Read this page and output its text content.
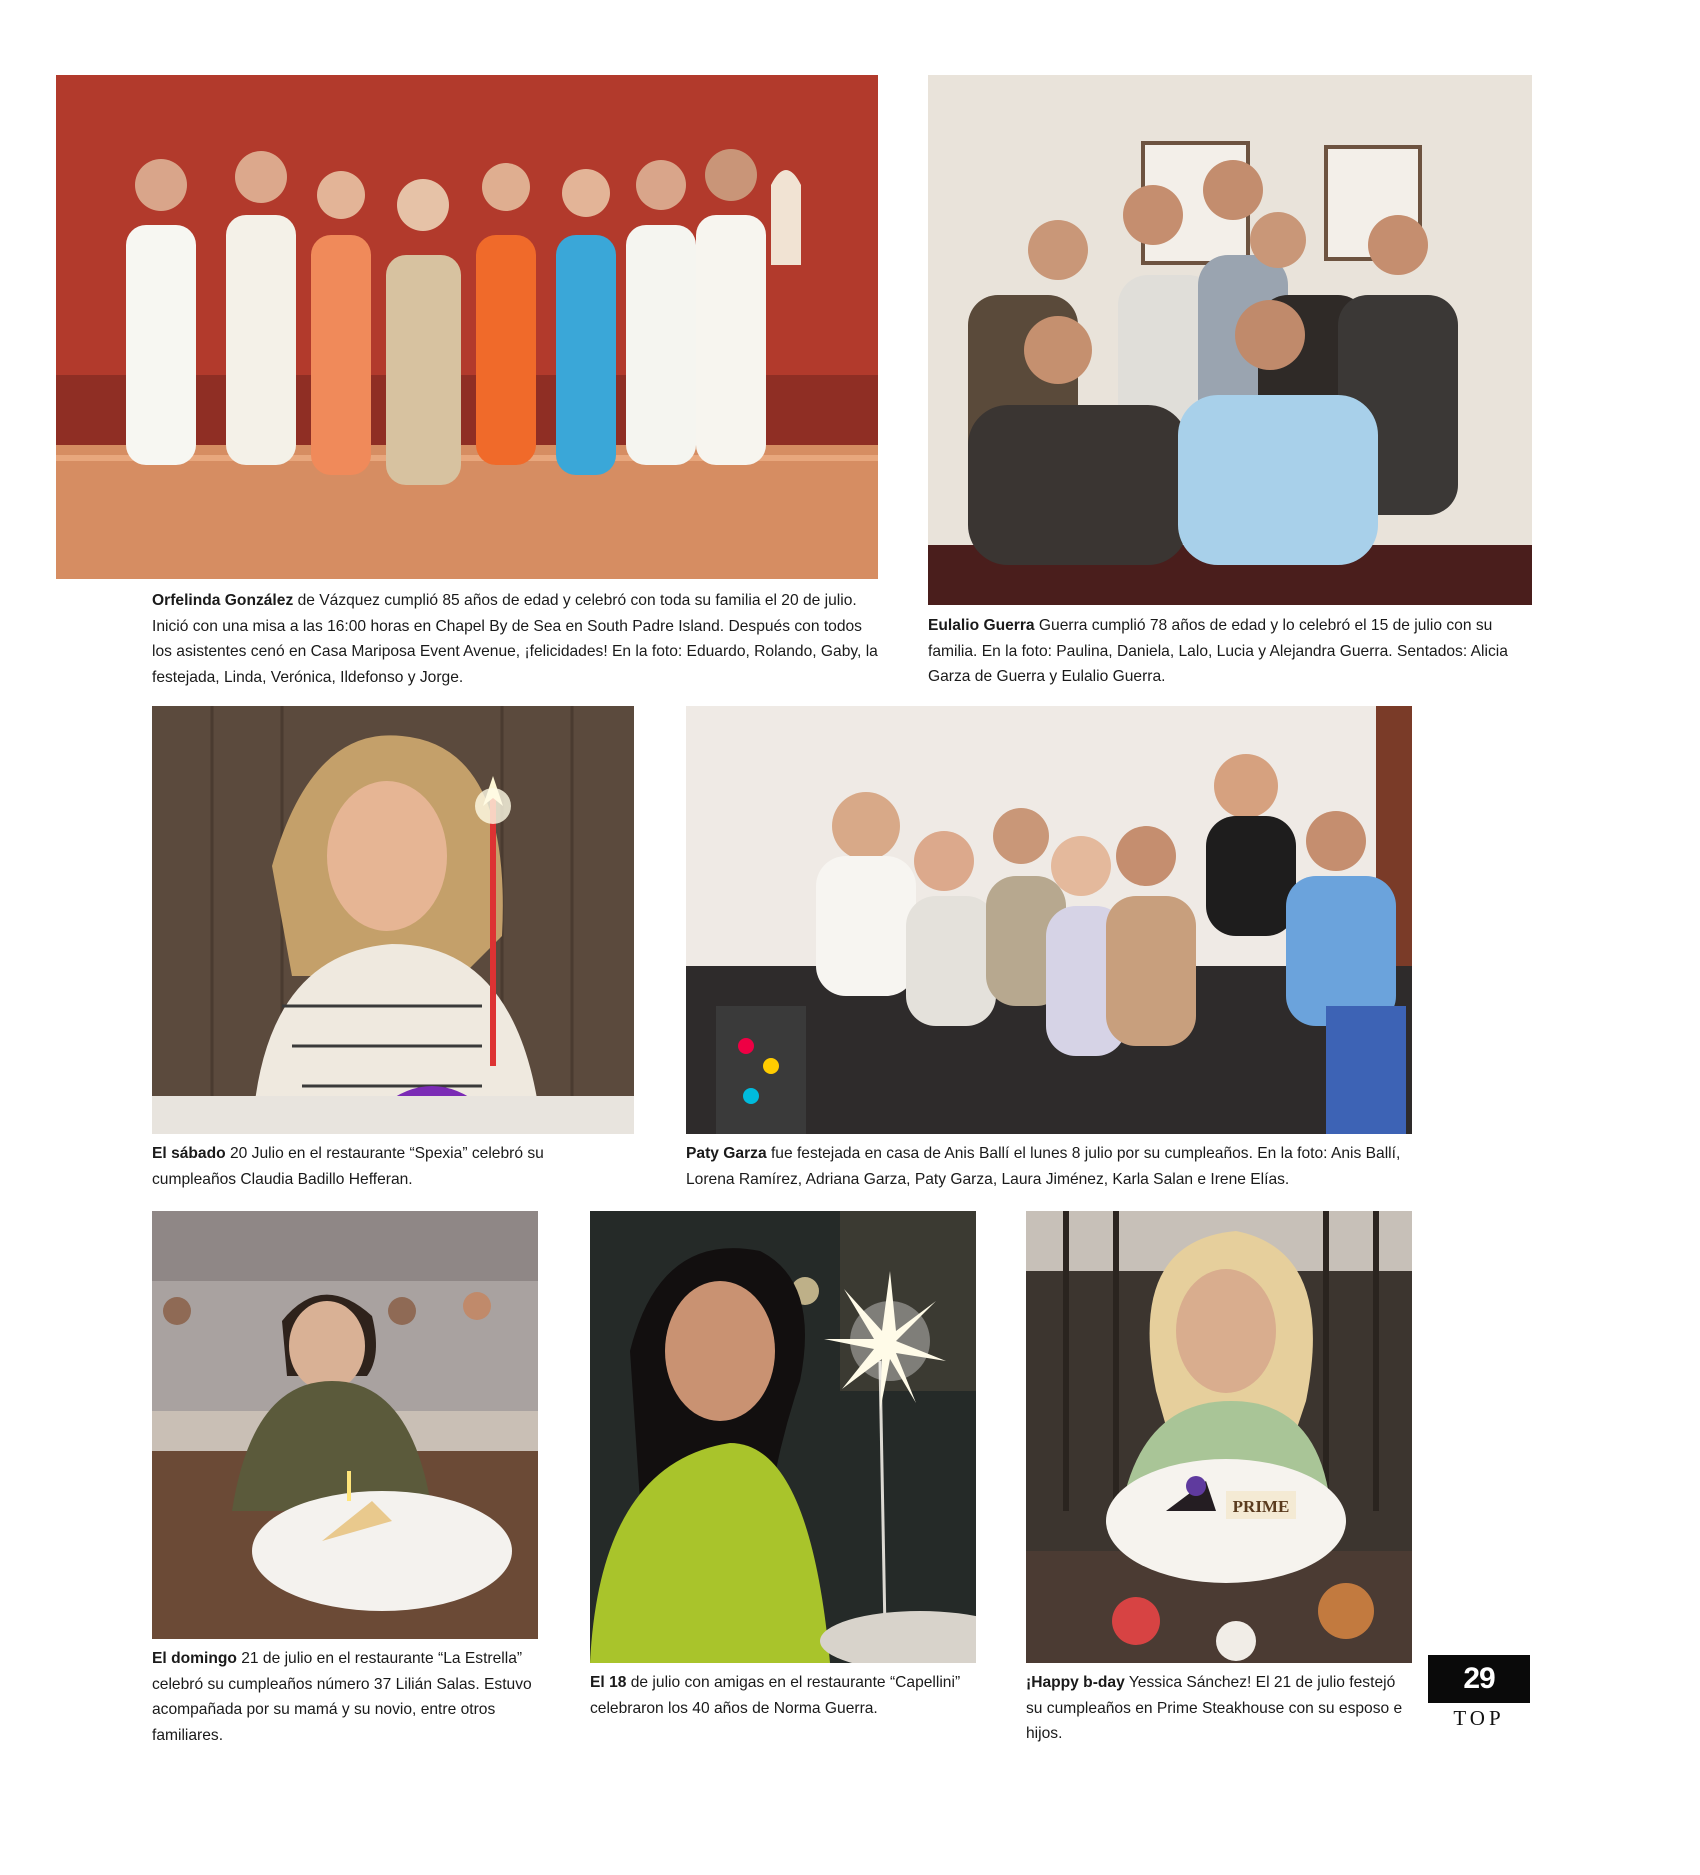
Orfelinda González de Vázquez cumplió 85 años de edad y celebró con toda su familia el 20 de julio. Inició con una misa a las 16:00 horas en Chapel By de Sea en South Padre Island. Después con todos los asistentes cenó en Casa Mariposa Event Avenue, ¡felicidades! En la foto: Eduardo, Rolando, Gaby, la festejada, Linda, Verónica, Ildefonso y Jorge.
Eulalio Guerra Guerra cumplió 78 años de edad y lo celebró el 15 de julio con su familia. En la foto: Paulina, Daniela, Lalo, Lucia y Alejandra Guerra. Sentados: Alicia Garza de Guerra y Eulalio Guerra.
El sábado 20 Julio en el restaurante “Spexia” celebró su cumpleaños Claudia Badillo Hefferan.
Paty Garza fue festejada en casa de Anis Ballí el lunes 8 julio por su cumpleaños. En la foto: Anis Ballí, Lorena Ramírez, Adriana Garza, Paty Garza, Laura Jiménez, Karla Salan e Irene Elías.
El domingo 21 de julio en el restaurante “La Estrella” celebró su cumpleaños número 37 Lilián Salas. Estuvo acompañada por su mamá y su novio, entre otros familiares.
El 18 de julio con amigas en el restaurante “Capellini” celebraron los 40 años de Norma Guerra.
PRIME
¡Happy b-day Yessica Sánchez! El 21 de julio festejó su cumpleaños en Prime Steakhouse con su esposo e hijos.
29
TOP
